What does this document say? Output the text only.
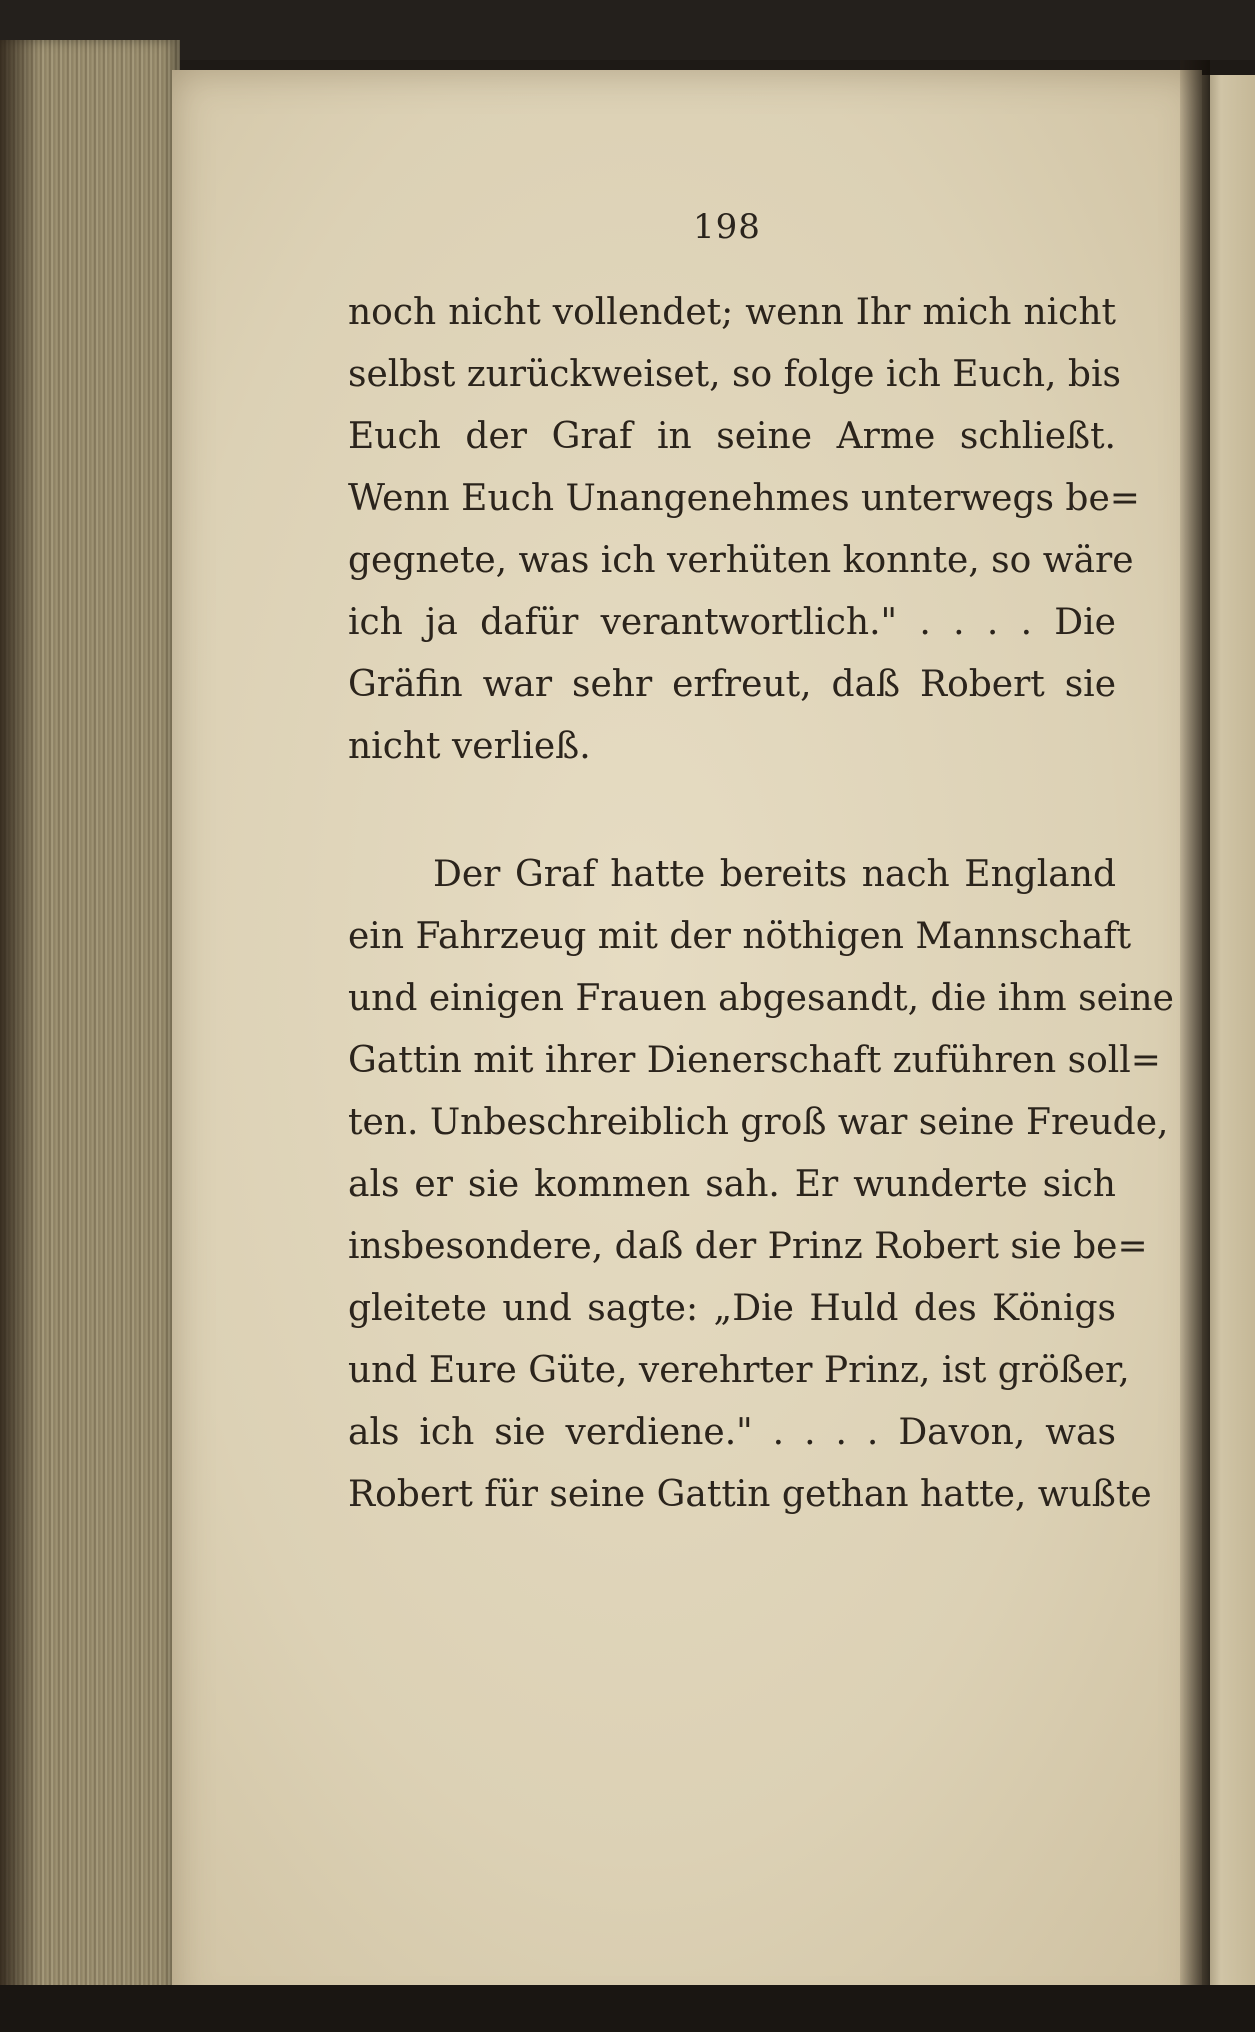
198
noch nicht vollendet; wenn Ihr mich nicht
selbst zurückweiset, so folge ich Euch, bis
Euch der Graf in seine Arme schließt.
Wenn Euch Unangenehmes unterwegs be=
gegnete, was ich verhüten konnte, so wäre
ich ja dafür verantwortlich." . . . . Die
Gräfin war sehr erfreut, daß Robert sie
nicht verließ.
Der Graf hatte bereits nach England
ein Fahrzeug mit der nöthigen Mannschaft
und einigen Frauen abgesandt, die ihm seine
Gattin mit ihrer Dienerschaft zuführen soll=
ten. Unbeschreiblich groß war seine Freude,
als er sie kommen sah. Er wunderte sich
insbesondere, daß der Prinz Robert sie be=
gleitete und sagte: „Die Huld des Königs
und Eure Güte, verehrter Prinz, ist größer,
als ich sie verdiene." . . . . Davon, was
Robert für seine Gattin gethan hatte, wußte
